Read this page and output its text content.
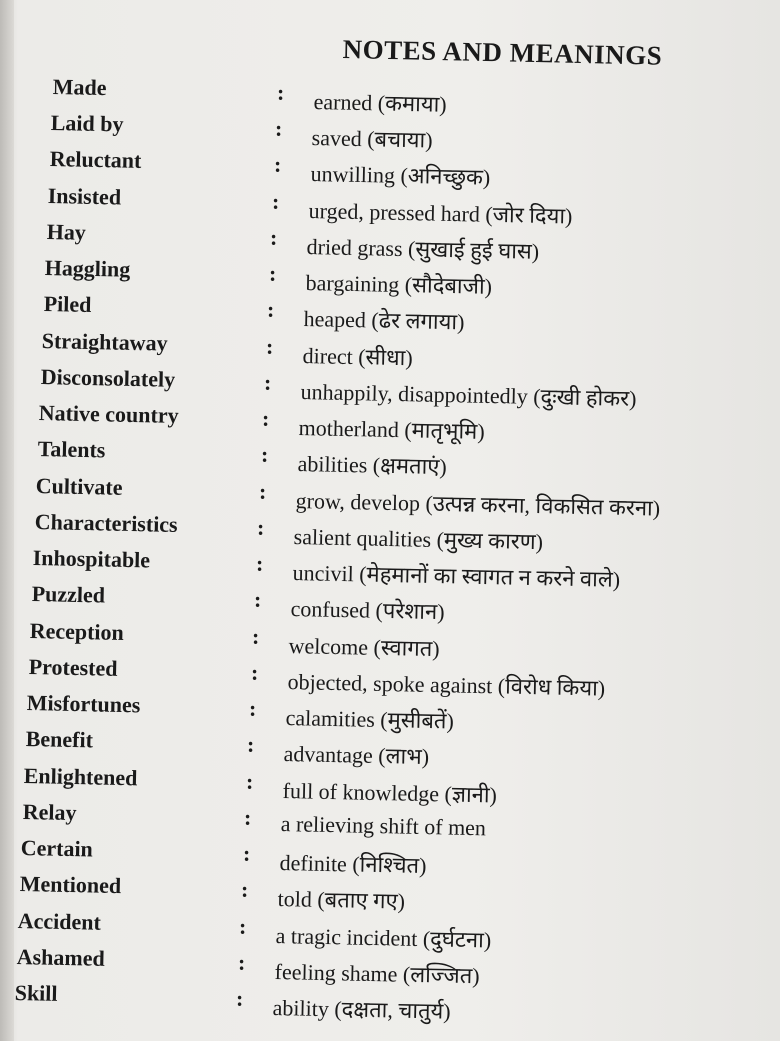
NOTES AND MEANINGS
Made	: earned (कमाया)
Laid by	: saved (बचाया)
Reluctant	: unwilling (अनिच्छुक)
Insisted	: urged, pressed hard (जोर दिया)
Hay	: dried grass (सुखाई हुई घास)
Haggling	: bargaining (सौदेबाजी)
Piled	: heaped (ढेर लगाया)
Straightaway	: direct (सीधा)
Disconsolately	: unhappily, disappointedly (दुःखी होकर)
Native country	: motherland (मातृभूमि)
Talents	: abilities (क्षमताएं)
Cultivate	: grow, develop (उत्पन्न करना, विकसित करना)
Characteristics	: salient qualities (मुख्य कारण)
Inhospitable	: uncivil (मेहमानों का स्वागत न करने वाले)
Puzzled	: confused (परेशान)
Reception	: welcome (स्वागत)
Protested	: objected, spoke against (विरोध किया)
Misfortunes	: calamities (मुसीबतें)
Benefit	: advantage (लाभ)
Enlightened	: full of knowledge (ज्ञानी)
Relay	: a relieving shift of men
Certain	: definite (निश्चित)
Mentioned	: told (बताए गए)
Accident	: a tragic incident (दुर्घटना)
Ashamed	: feeling shame (लज्जित)
Skill	: ability (दक्षता, चातुर्य)
